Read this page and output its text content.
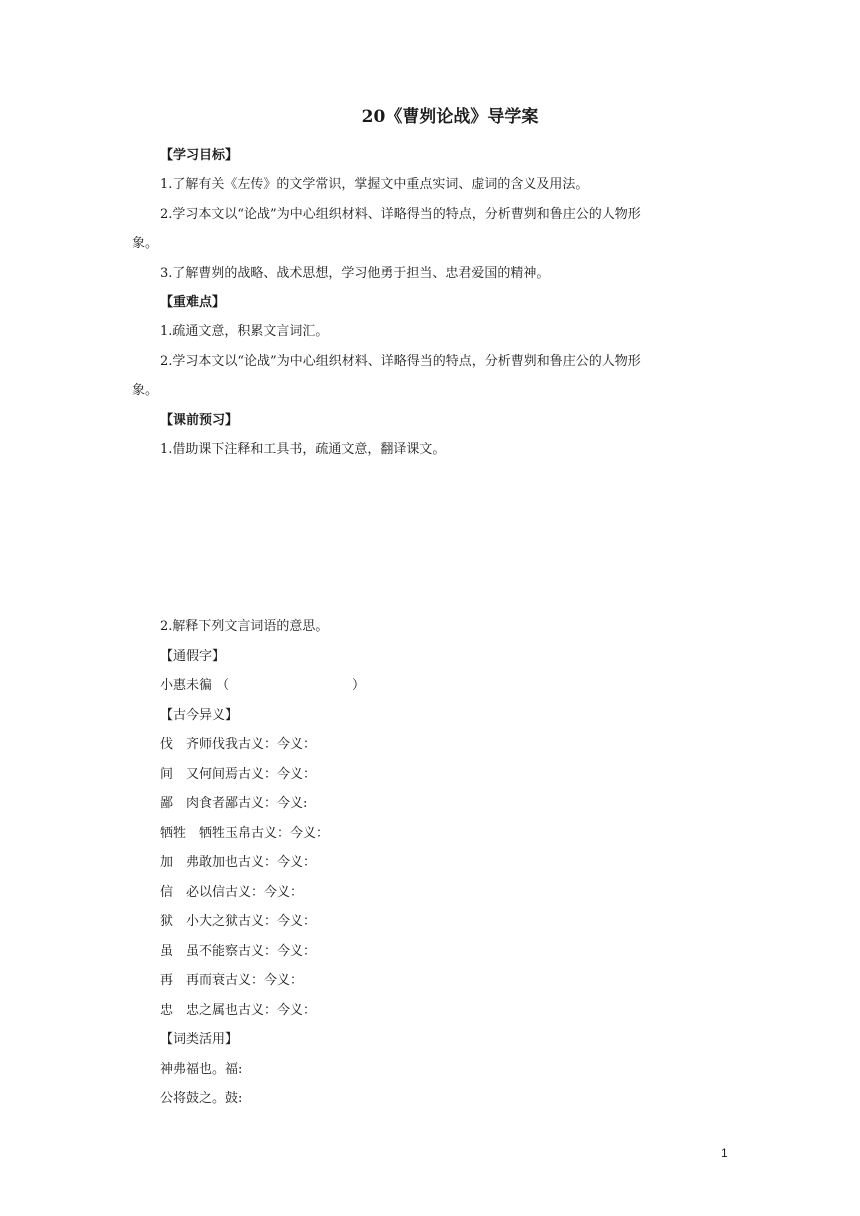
20《曹刿论战》导学案
【学习目标】
1.了解有关《左传》的文学常识，掌握文中重点实词、虚词的含义及用法。
2.学习本文以“论战”为中心组织材料、详略得当的特点，分析曹刿和鲁庄公的人物形
象。
3.了解曹刿的战略、战术思想，学习他勇于担当、忠君爱国的精神。
【重难点】
1.疏通文意，积累文言词汇。
2.学习本文以“论战”为中心组织材料、详略得当的特点，分析曹刿和鲁庄公的人物形
象。
【课前预习】
1.借助课下注释和工具书，疏通文意，翻译课文。
2.解释下列文言词语的意思。
【通假字】
小惠未徧 （	）
【古今异义】
伐　齐师伐我古义：今义：
间　又何间焉古义：今义：
鄙　肉食者鄙古义：今义:
牺牲　牺牲玉帛古义：今义：
加　弗敢加也古义：今义：
信　必以信古义：今义：
狱　小大之狱古义：今义：
虽　虽不能察古义：今义：
再　再而衰古义：今义：
忠　忠之属也古义：今义：
【词类活用】
神弗福也。福:
公将鼓之。鼓:
1
